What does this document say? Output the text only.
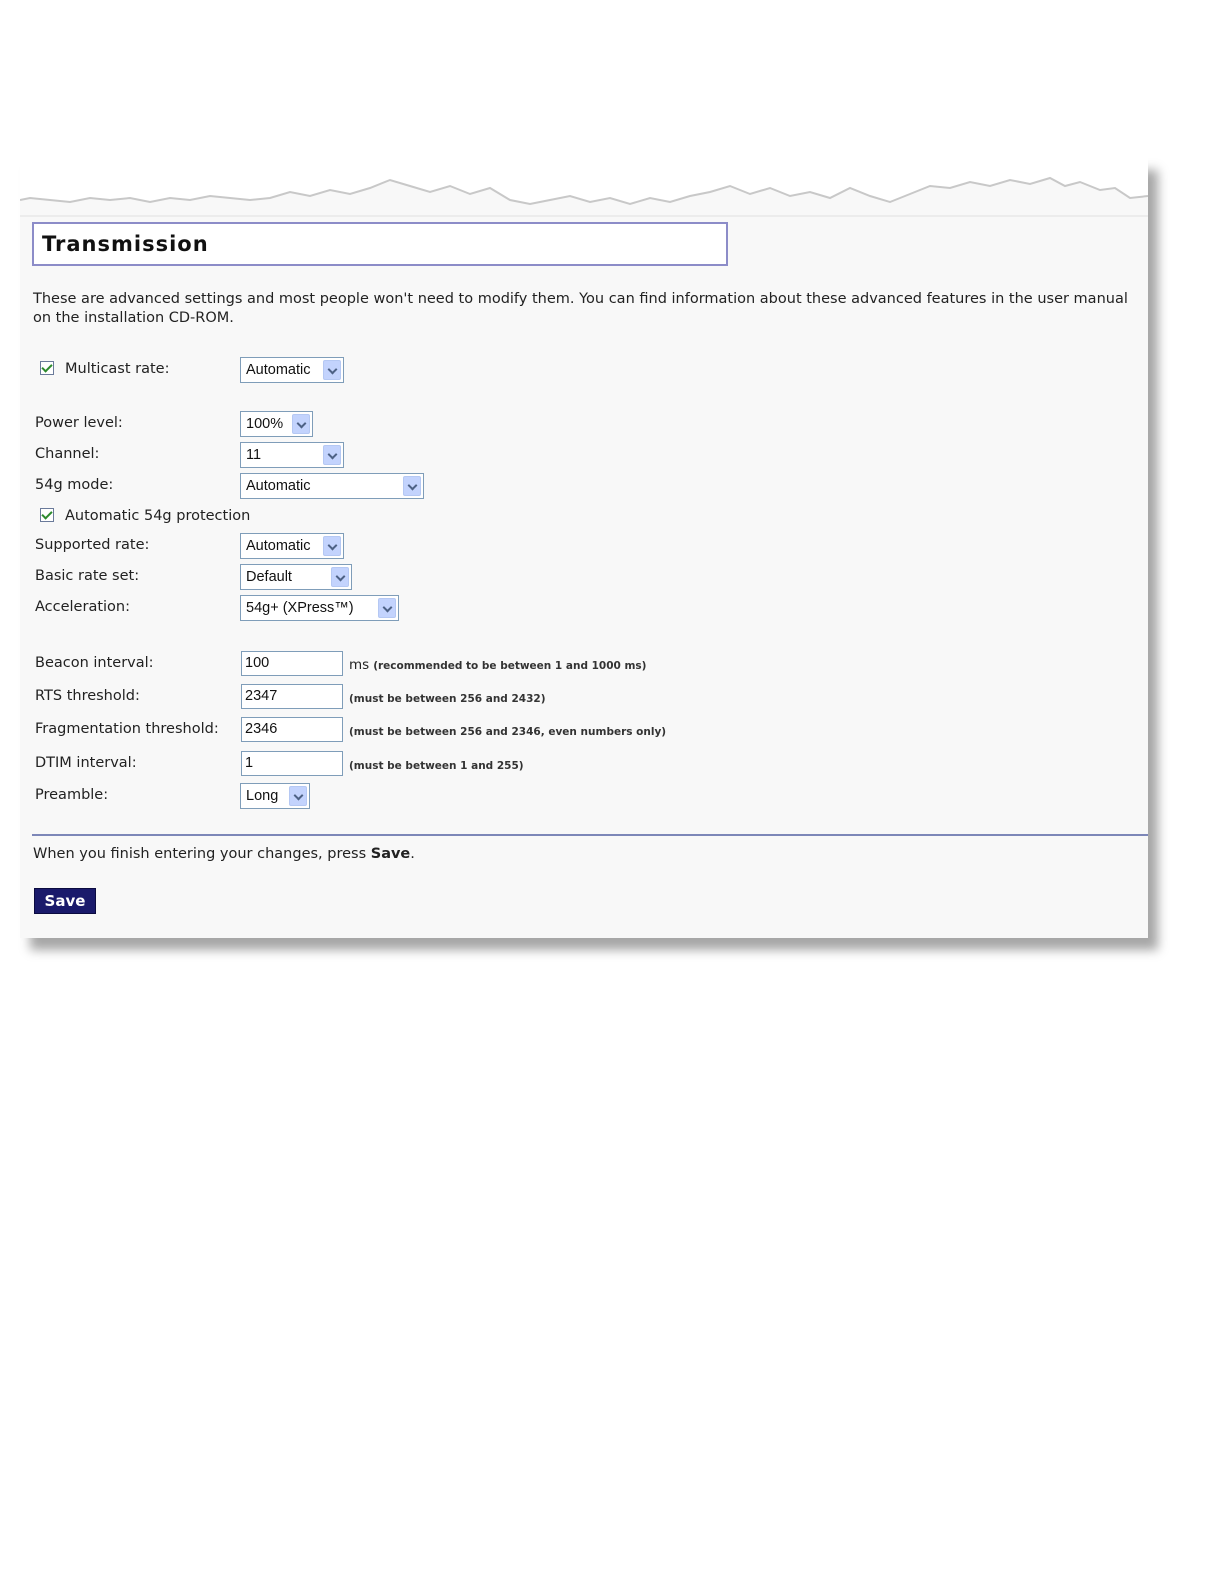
Transmission
These are advanced settings and most people won't need to modify them. You can find information about these advanced features in the user manual on the installation CD-ROM.
Multicast rate:	Automatic
Power level:	100%
Channel:	11
54g mode:	Automatic
Automatic 54g protection
Supported rate:	Automatic
Basic rate set:	Default
Acceleration:	54g+ (XPress™)
Beacon interval:	100	ms (recommended to be between 1 and 1000 ms)
RTS threshold:	2347	(must be between 256 and 2432)
Fragmentation threshold: 2346	(must be between 256 and 2346, even numbers only)
DTIM interval:	1	(must be between 1 and 255)
Preamble:	Long
When you finish entering your changes, press Save.
Save
